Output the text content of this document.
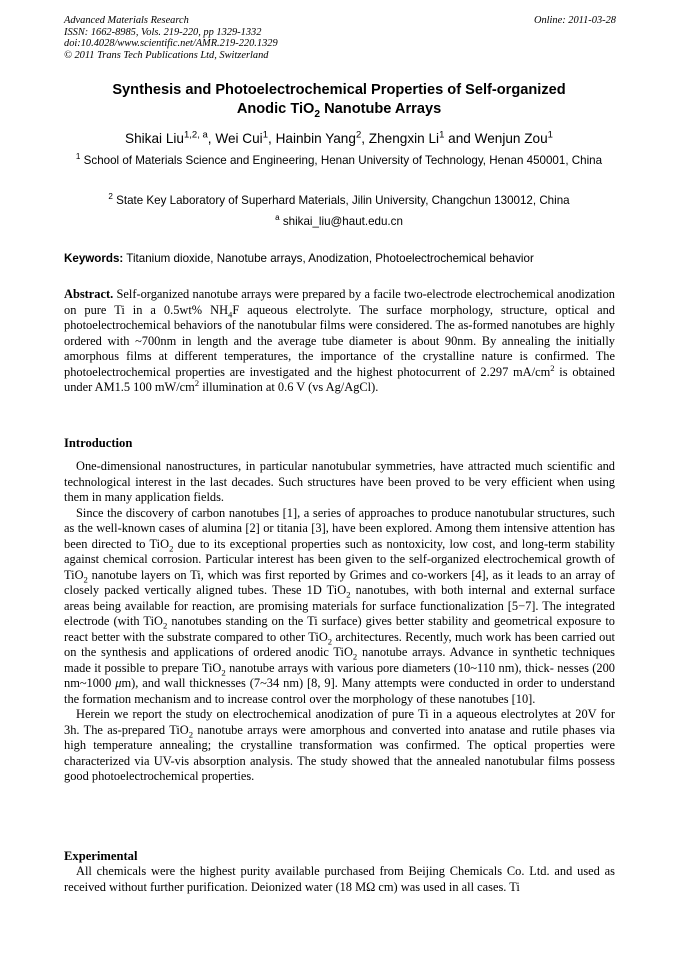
Advanced Materials Research
ISSN: 1662-8985, Vols. 219-220, pp 1329-1332
doi:10.4028/www.scientific.net/AMR.219-220.1329
© 2011 Trans Tech Publications Ltd, Switzerland
Online: 2011-03-28
Synthesis and Photoelectrochemical Properties of Self-organized
Anodic TiO$_2$ Nanotube Arrays
Shikai Liu$^{1,2, a}$, Wei Cui$^1$, Hainbin Yang$^2$, Zhengxin Li$^1$ and Wenjun Zou$^1$
$^1$ School of Materials Science and Engineering, Henan University of Technology, Henan 450001, China
$^2$ State Key Laboratory of Superhard Materials, Jilin University, Changchun 130012, China
$^a$ shikai_liu@haut.edu.cn
Keywords: Titanium dioxide, Nanotube arrays, Anodization, Photoelectrochemical behavior

Abstract. Self-organized nanotube arrays were prepared by a facile two-electrode electrochemical anodization on pure Ti in a 0.5wt% $NH_4F$ aqueous electrolyte. The surface morphology, structure, optical and photoelectrochemical behaviors of the nanotubular films were considered. The as-formed nanotubes are highly ordered with ~700nm in length and the average tube diameter is about 90nm. By annealing the initially amorphous films at different temperatures, the importance of the crystalline nature is confirmed. The photoelectrochemical properties are investigated and the highest photocurrent of 2.297 $mA/cm^2$ is obtained under AM1.5 100 $mW/cm^2$ illumination at 0.6 V (vs Ag/AgCl).

Introduction

One-dimensional nanostructures, in particular nanotubular symmetries, have attracted much scientific and technological interest in the last decades. Such structures have been proved to be very efficient when using them in many application fields.

Since the discovery of carbon nanotubes [1], a series of approaches to produce nanotubular structures, such as the well-known cases of alumina [2] or titania [3], have been explored. Among them intensive attention has been directed to TiO$_2$ due to its exceptional properties such as nontoxicity, low cost, and long-term stability against chemical corrosion. Particular interest has been given to the self-organized electrochemical growth of TiO$_2$ nanotube layers on Ti, which was first reported by Grimes and co-workers [4], as it leads to an array of closely packed vertically aligned tubes. These 1D TiO$_2$ nanotubes, with both internal and external surface areas being available for reaction, are promising materials for surface functionalization [5−7]. The integrated electrode (with TiO$_2$ nanotubes standing on the Ti surface) gives better stability and geometrical exposure to react better with the substrate compared to other TiO$_2$ architectures. Recently, much work has been carried out on the synthesis and applications of ordered anodic TiO$_2$ nanotube arrays. Advance in synthetic techniques made it possible to prepare TiO$_2$ nanotube arrays with various pore diameters (10~110 nm), thick- nesses (200 nm~1000 μm), and wall thicknesses (7~34 nm) [8, 9]. Many attempts were conducted in order to understand the formation mechanism and to increase control over the morphology of these nanotubes [10].

Herein we report the study on electrochemical anodization of pure Ti in a aqueous electrolytes at 20V for 3h. The as-prepared TiO$_2$ nanotube arrays were amorphous and converted into anatase and rutile phases via high temperature annealing; the crystalline transformation was confirmed. The optical properties were characterized via UV-vis absorption analysis. The study showed that the annealed nanotubular films possess good photoelectrochemical properties.

Experimental

All chemicals were the highest purity available purchased from Beijing Chemicals Co. Ltd. and used as received without further purification. Deionized water (18 MΩ cm) was used in all cases. Ti
